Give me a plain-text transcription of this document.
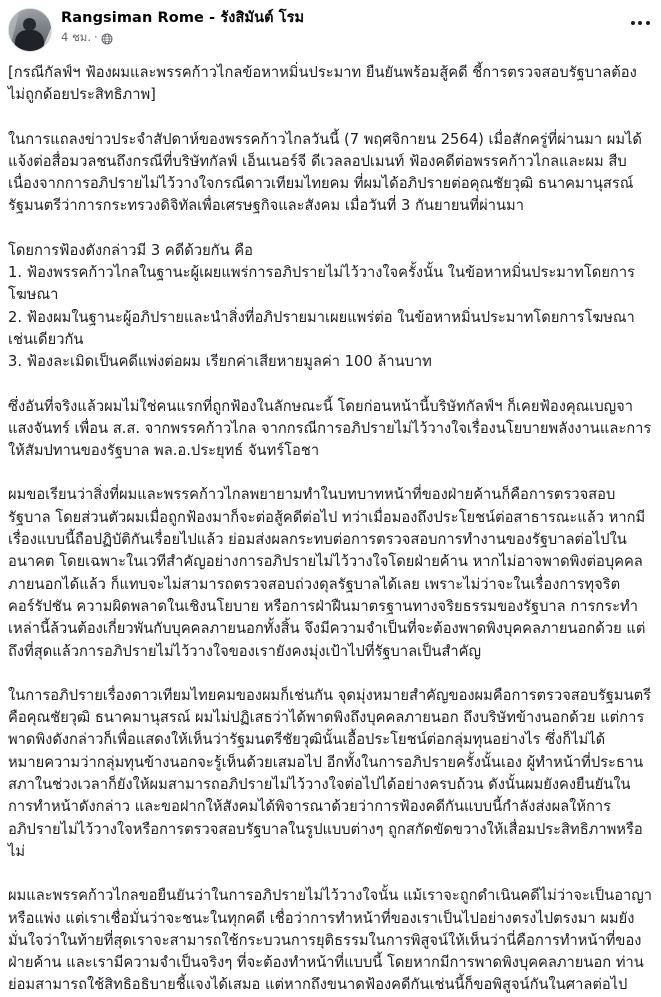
Rangsiman Rome - รังสิมันต์ โรม
4 ชม. ·

[กรณีกัลฟ์ฯ ฟ้องผมและพรรคก้าวไกลข้อหาหมิ่นประมาท ยืนยันพร้อมสู้คดี ชี้การตรวจสอบรัฐบาลต้องไม่ถูกด้อยประสิทธิภาพ]

ในการแถลงข่าวประจำสัปดาห์ของพรรคก้าวไกลวันนี้ (7 พฤศจิกายน 2564) เมื่อสักครู่ที่ผ่านมา ผมได้แจ้งต่อสื่อมวลชนถึงกรณีที่บริษัทกัลฟ์ เอ็นเนอร์จี ดีเวลลอปเมนท์ ฟ้องคดีต่อพรรคก้าวไกลและผม สืบเนื่องจากการอภิปรายไม่ไว้วางใจกรณีดาวเทียมไทยคม ที่ผมได้อภิปรายต่อคุณชัยวุฒิ ธนาคมานุสรณ์ รัฐมนตรีว่าการกระทรวงดิจิทัลเพื่อเศรษฐกิจและสังคม เมื่อวันที่ 3 กันยายนที่ผ่านมา

โดยการฟ้องดังกล่าวมี 3 คดีด้วยกัน คือ

1. ฟ้องพรรคก้าวไกลในฐานะผู้เผยแพร่การอภิปรายไม่ไว้วางใจครั้งนั้น ในข้อหาหมิ่นประมาทโดยการโฆษณา

2. ฟ้องผมในฐานะผู้อภิปรายและนำสิ่งที่อภิปรายมาเผยแพร่ต่อ ในข้อหาหมิ่นประมาทโดยการโฆษณาเช่นเดียวกัน

3. ฟ้องละเมิดเป็นคดีแพ่งต่อผม เรียกค่าเสียหายมูลค่า 100 ล้านบาท

ซึ่งอันที่จริงแล้วผมไม่ใช่คนแรกที่ถูกฟ้องในลักษณะนี้ โดยก่อนหน้านี้บริษัทกัลฟ์ฯ ก็เคยฟ้องคุณเบญจา แสงจันทร์ เพื่อน ส.ส. จากพรรคก้าวไกล จากกรณีการอภิปรายไม่ไว้วางใจเรื่องนโยบายพลังงานและการให้สัมปทานของรัฐบาล พล.อ.ประยุทธ์ จันทร์โอชา

ผมขอเรียนว่าสิ่งที่ผมและพรรคก้าวไกลพยายามทำในบทบาทหน้าที่ของฝ่ายค้านก็คือการตรวจสอบรัฐบาล โดยส่วนตัวผมเมื่อถูกฟ้องมาก็จะต่อสู้คดีต่อไป ทว่าเมื่อมองถึงประโยชน์ต่อสาธารณะแล้ว หากมีเรื่องแบบนี้ถือปฏิบัติกันเรื่อยไปแล้ว ย่อมส่งผลกระทบต่อการตรวจสอบการทำงานของรัฐบาลต่อไปในอนาคต โดยเฉพาะในเวทีสำคัญอย่างการอภิปรายไม่ไว้วางใจโดยฝ่ายค้าน หากไม่อาจพาดพิงต่อบุคคลภายนอกได้แล้ว ก็แทบจะไม่สามารถตรวจสอบถ่วงดุลรัฐบาลได้เลย เพราะไม่ว่าจะในเรื่องการทุจริตคอร์รัปชัน ความผิดพลาดในเชิงนโยบาย หรือการฝ่าฝืนมาตรฐานทางจริยธรรมของรัฐบาล การกระทำเหล่านี้ล้วนต้องเกี่ยวพันกับบุคคลภายนอกทั้งสิ้น จึงมีความจำเป็นที่จะต้องพาดพิงบุคคลภายนอกด้วย แต่ถึงที่สุดแล้วการอภิปรายไม่ไว้วางใจของเรายังคงมุ่งเป้าไปที่รัฐบาลเป็นสำคัญ

ในการอภิปรายเรื่องดาวเทียมไทยคมของผมก็เช่นกัน จุดมุ่งหมายสำคัญของผมคือการตรวจสอบรัฐมนตรีคือคุณชัยวุฒิ ธนาคมานุสรณ์ ผมไม่ปฏิเสธว่าได้พาดพิงถึงบุคคลภายนอก ถึงบริษัทข้างนอกด้วย แต่การพาดพิงดังกล่าวก็เพื่อแสดงให้เห็นว่ารัฐมนตรีชัยวุฒินั้นเอื้อประโยชน์ต่อกลุ่มทุนอย่างไร ซึ่งก็ไม่ได้หมายความว่ากลุ่มทุนข้างนอกจะรู้เห็นด้วยเสมอไป อีกทั้งในการอภิปรายครั้งนั้นเอง ผู้ทำหน้าที่ประธานสภาในช่วงเวลาก็ยังให้ผมสามารถอภิปรายไม่ไว้วางใจต่อไปได้อย่างครบถ้วน ดังนั้นผมยังคงยืนยันในการทำหน้าดังกล่าว และขอฝากให้สังคมได้พิจารณาด้วยว่าการฟ้องคดีกันแบบนี้กำลังส่งผลให้การอภิปรายไม่ไว้วางใจหรือการตรวจสอบรัฐบาลในรูปแบบต่างๆ ถูกสกัดขัดขวางให้เสื่อมประสิทธิภาพหรือไม่

ผมและพรรคก้าวไกลขอยืนยันว่าในการอภิปรายไม่ไว้วางใจนั้น แม้เราจะถูกดำเนินคดีไม่ว่าจะเป็นอาญาหรือแพ่ง แต่เราเชื่อมั่นว่าจะชนะในทุกคดี เชื่อว่าการทำหน้าที่ของเราเป็นไปอย่างตรงไปตรงมา ผมยังมั่นใจว่าในท้ายที่สุดเราจะสามารถใช้กระบวนการยุติธรรมในการพิสูจน์ให้เห็นว่านี่คือการทำหน้าที่ของฝ่ายค้าน และเรามีความจำเป็นจริงๆ ที่จะต้องทำหน้าที่แบบนี้ โดยหากมีการพาดพิงบุคคลภายนอก ท่านย่อมสามารถใช้สิทธิอธิบายชี้แจงได้เสมอ แต่หากถึงขนาดฟ้องคดีกันเช่นนี้ก็ขอพิสูจน์กันในศาลต่อไป
